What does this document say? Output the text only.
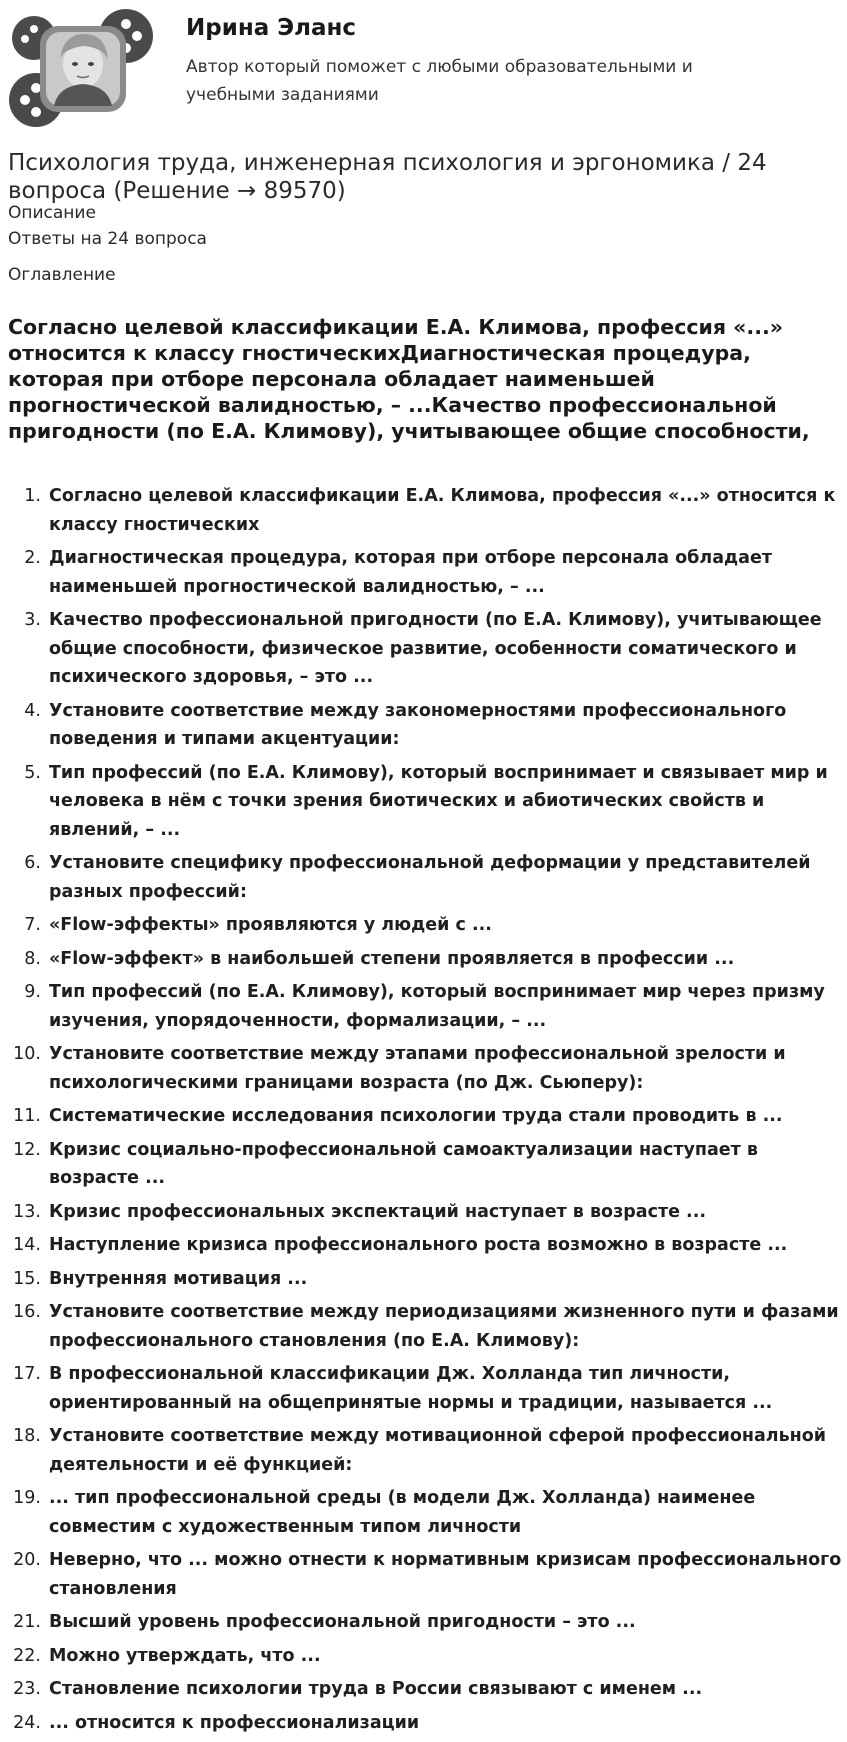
Ирина Эланс
Автор который поможет с любыми образовательными и учебными заданиями
Психология труда, инженерная психология и эргономика / 24 вопроса (Решение → 89570)
Описание
Ответы на 24 вопроса
Оглавление
Согласно целевой классификации Е.А. Климова, профессия «...» относится к классу гностическихДиагностическая процедура, которая при отборе персонала обладает наименьшей прогностической валидностью, – ...Качество профессиональной пригодности (по Е.А. Климову), учитывающее общие способности,
1. Согласно целевой классификации Е.А. Климова, профессия «...» относится к классу гностических
2. Диагностическая процедура, которая при отборе персонала обладает наименьшей прогностической валидностью, – ...
3. Качество профессиональной пригодности (по Е.А. Климову), учитывающее общие способности, физическое развитие, особенности соматического и психического здоровья, – это ...
4. Установите соответствие между закономерностями профессионального поведения и типами акцентуации:
5. Тип профессий (по Е.А. Климову), который воспринимает и связывает мир и человека в нём с точки зрения биотических и абиотических свойств и явлений, – ...
6. Установите специфику профессиональной деформации у представителей разных профессий:
7. «Flow-эффекты» проявляются у людей с ...
8. «Flow-эффект» в наибольшей степени проявляется в профессии ...
9. Тип профессий (по Е.А. Климову), который воспринимает мир через призму изучения, упорядоченности, формализации, – ...
10. Установите соответствие между этапами профессиональной зрелости и психологическими границами возраста (по Дж. Сьюперу):
11. Систематические исследования психологии труда стали проводить в ...
12. Кризис социально-профессиональной самоактуализации наступает в возрасте ...
13. Кризис профессиональных экспектаций наступает в возрасте ...
14. Наступление кризиса профессионального роста возможно в возрасте ...
15. Внутренняя мотивация ...
16. Установите соответствие между периодизациями жизненного пути и фазами профессионального становления (по Е.А. Климову):
17. В профессиональной классификации Дж. Холланда тип личности, ориентированный на общепринятые нормы и традиции, называется ...
18. Установите соответствие между мотивационной сферой профессиональной деятельности и её функцией:
19. ... тип профессиональной среды (в модели Дж. Холланда) наименее совместим с художественным типом личности
20. Неверно, что ... можно отнести к нормативным кризисам профессионального становления
21. Высший уровень профессиональной пригодности – это ...
22. Можно утверждать, что ...
23. Становление психологии труда в России связывают с именем ...
24. ... относится к профессионализации
